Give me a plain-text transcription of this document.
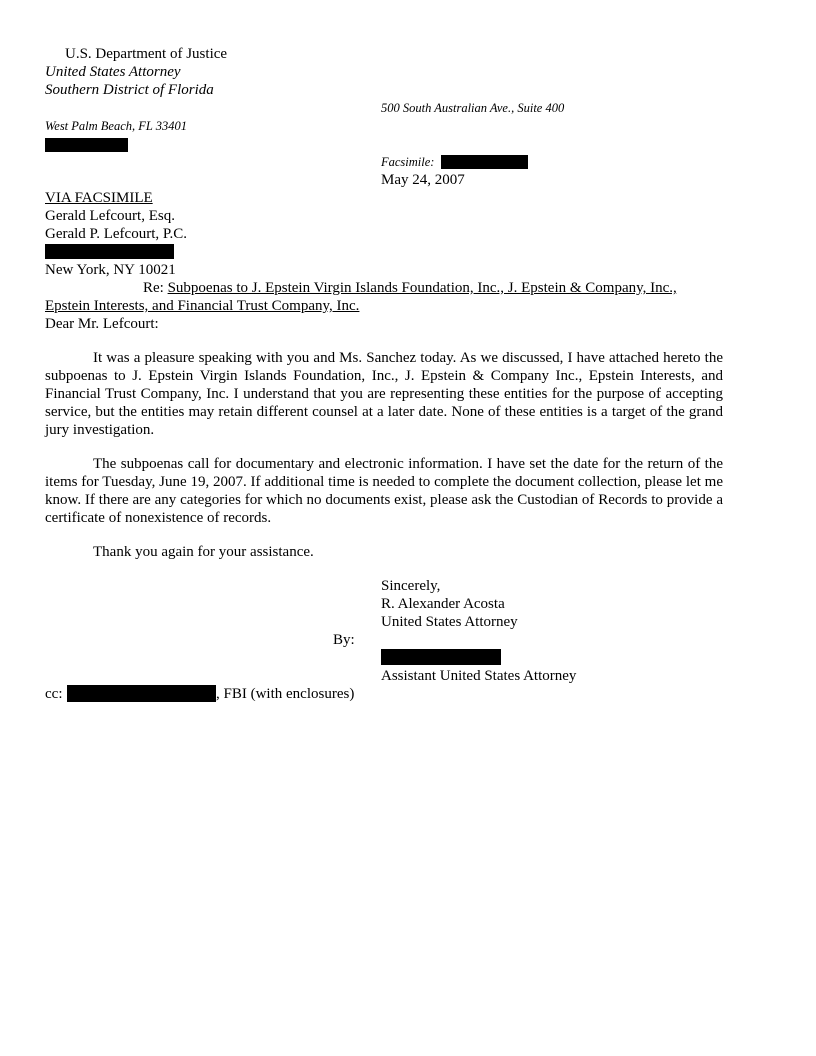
U.S. Department of Justice
United States Attorney
Southern District of Florida
500 South Australian Ave., Suite 400
West Palm Beach, FL 33401
Facsimile:
May 24, 2007
VIA FACSIMILE
Gerald Lefcourt, Esq.
Gerald P. Lefcourt, P.C.
New York, NY 10021
Re: Subpoenas to J. Epstein Virgin Islands Foundation, Inc., J. Epstein & Company, Inc.,
Epstein Interests, and Financial Trust Company, Inc.
Dear Mr. Lefcourt:
It was a pleasure speaking with you and Ms. Sanchez today. As we discussed, I have attached hereto the subpoenas to J. Epstein Virgin Islands Foundation, Inc., J. Epstein & Company Inc., Epstein Interests, and Financial Trust Company, Inc. I understand that you are representing these entities for the purpose of accepting service, but the entities may retain different counsel at a later date. None of these entities is a target of the grand jury investigation.
The subpoenas call for documentary and electronic information. I have set the date for the return of the items for Tuesday, June 19, 2007. If additional time is needed to complete the document collection, please let me know. If there are any categories for which no documents exist, please ask the Custodian of Records to provide a certificate of nonexistence of records.
Thank you again for your assistance.
Sincerely,
R. Alexander Acosta
United States Attorney
By:
Assistant United States Attorney
cc:	, FBI (with enclosures)
